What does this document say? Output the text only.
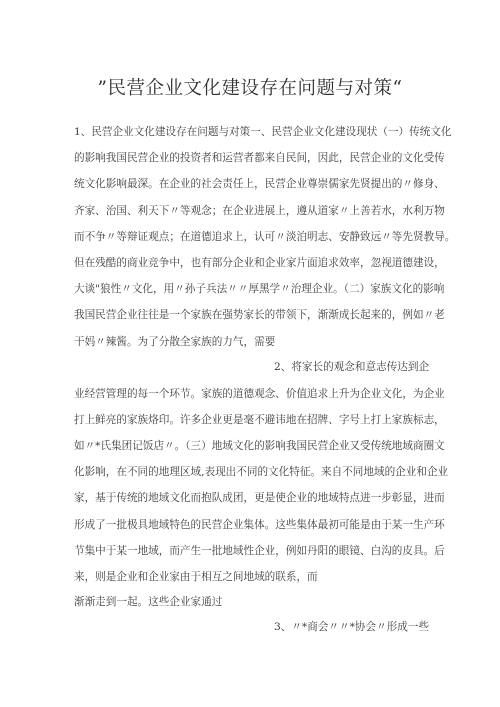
”民营企业文化建设存在问题与对策“
1、民营企业文化建设存在问题与对策一、民营企业文化建设现状（一）传统文化
的影响我国民营企业的投资者和运营者都来自民间，因此，民营企业的文化受传
统文化影响最深。在企业的社会责任上，民营企业尊崇儒家先贤提出的〃修身、
齐家、治国、利天下〃等观念；在企业进展上，遵从道家〃上善若水，水利万物
而不争〃等辩证观点；在道德追求上，认可〃淡泊明志、安静致远〃等先贤教导。
但在残酷的商业竞争中，也有部分企业和企业家片面追求效率，忽视道德建设，
大谈"狼性〃文化，用〃孙子兵法〃〃厚黑学〃治理企业。（二）家族文化的影响
我国民营企业往往是一个家族在强势家长的带领下，渐渐成长起来的，例如〃老
干妈〃辣酱。为了分散全家族的力气，需要
2、将家长的观念和意志传达到企
业经营管理的每一个环节。家族的道德观念、价值追求上升为企业文化，为企业
打上鲜亮的家族烙印。许多企业更是毫不避讳地在招牌、字号上打上家族标志，
如〃*氏集团记饭店〃。（三）地域文化的影响我国民营企业又受传统地域商圈文
化影响，在不同的地理区域,表现出不同的文化特征。来自不同地域的企业和企业
家，基于传统的地域文化而抱队成团，更是使企业的地域特点进一步彰显，进而
形成了一批极具地域特色的民营企业集体。这些集体最初可能是由于某一生产环
节集中于某一地域，而产生一批地域性企业，例如丹阳的眼镜、白沟的皮具。后
来，则是企业和企业家由于相互之间地域的联系，而
渐渐走到一起。这些企业家通过
3、〃*商会〃〃*协会〃形成一些
